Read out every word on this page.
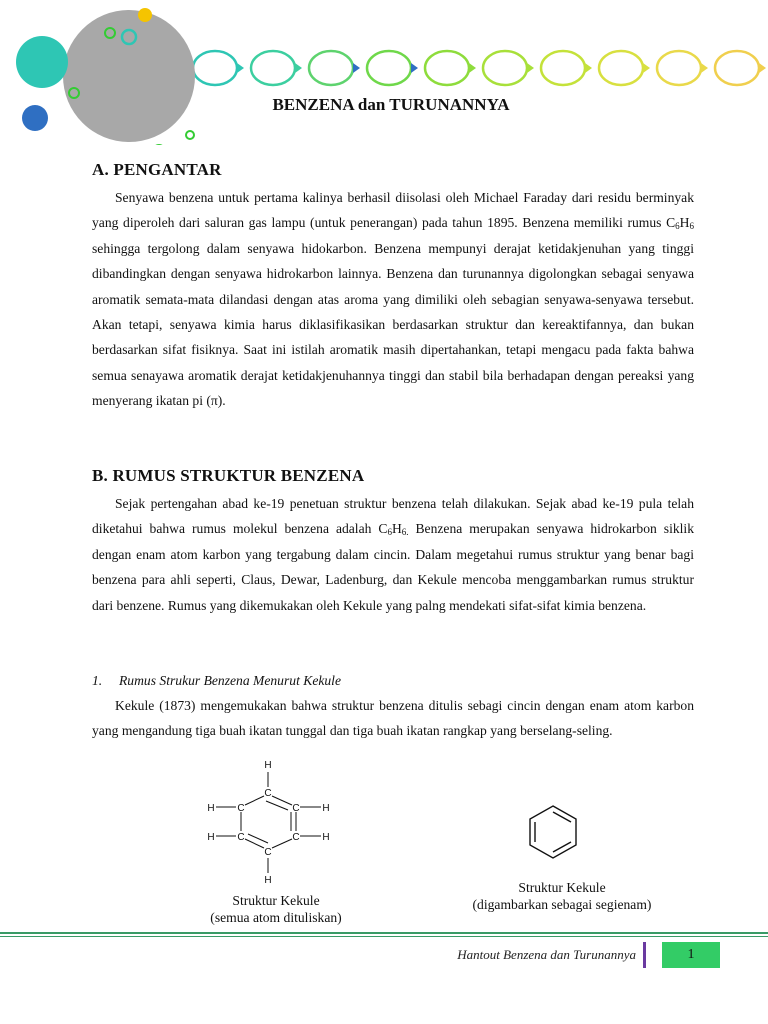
BENZENA dan TURUNANNYA
A. PENGANTAR

Senyawa benzena untuk pertama kalinya berhasil diisolasi oleh Michael Faraday dari residu berminyak yang diperoleh dari saluran gas lampu (untuk penerangan) pada tahun 1895. Benzena memiliki rumus $C_6H_6$ sehingga tergolong dalam senyawa hidokarbon. Benzena mempunyi derajat ketidakjenuhan yang tinggi dibandingkan dengan senyawa hidrokarbon lainnya. Benzena dan turunannya digolongkan sebagai senyawa aromatik semata-mata dilandasi dengan atas aroma yang dimiliki oleh sebagian senyawa-senyawa tersebut. Akan tetapi, senyawa kimia harus diklasifikasikan berdasarkan struktur dan kereaktifannya, dan bukan berdasarkan sifat fisiknya. Saat ini istilah aromatik masih dipertahankan, tetapi mengacu pada fakta bahwa semua senayawa aromatik derajat ketidakjenuhannya tinggi dan stabil bila berhadapan dengan pereaksi yang menyerang ikatan pi (π).

B. RUMUS STRUKTUR BENZENA

Sejak pertengahan abad ke-19 penetuan struktur benzena telah dilakukan. Sejak abad ke-19 pula telah diketahui bahwa rumus molekul benzena adalah $C_6H_{6.}$ Benzena merupakan senyawa hidrokarbon siklik dengan enam atom karbon yang tergabung dalam cincin. Dalam megetahui rumus struktur yang benar bagi benzena para ahli seperti, Claus, Dewar, Ladenburg, dan Kekule mencoba menggambarkan rumus struktur dari benzene. Rumus yang dikemukakan oleh Kekule yang palng mendekati sifat-sifat kimia benzena.

1. Rumus Strukur Benzena Menurut Kekule

Kekule (1873) mengemukakan bahwa struktur benzena ditulis sebagi cincin dengan enam atom karbon yang mengandung tiga buah ikatan tunggal dan tiga buah ikatan rangkap yang berselang-seling.

H
C
H C	C H
H C	C H
C
H
Struktur Kekule
(semua atom dituliskan)
Struktur Kekule
(digambarkan sebagai segienam)
Hantout Benzena dan Turunannya	1
